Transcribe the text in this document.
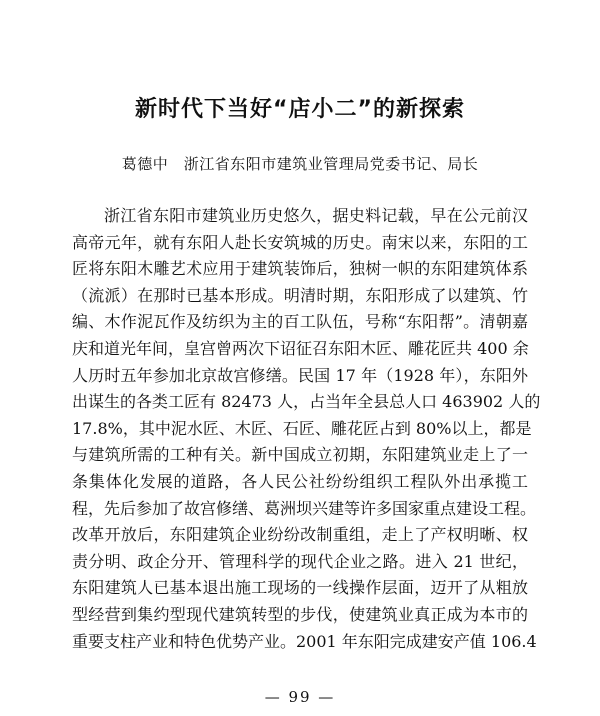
新时代下当好“店小二”的新探索
葛德中　浙江省东阳市建筑业管理局党委书记、局长
浙江省东阳市建筑业历史悠久，据史料记载，早在公元前汉
高帝元年，就有东阳人赴长安筑城的历史。南宋以来，东阳的工
匠将东阳木雕艺术应用于建筑装饰后，独树一帜的东阳建筑体系
（流派）在那时已基本形成。明清时期，东阳形成了以建筑、竹
编、木作泥瓦作及纺织为主的百工队伍，号称“东阳帮”。清朝嘉
庆和道光年间，皇宫曾两次下诏征召东阳木匠、雕花匠共 400 余
人历时五年参加北京故宫修缮。民国 17 年（1928 年），东阳外
出谋生的各类工匠有 82473 人，占当年全县总人口 463902 人的
17.8%，其中泥水匠、木匠、石匠、雕花匠占到 80%以上，都是
与建筑所需的工种有关。新中国成立初期，东阳建筑业走上了一
条集体化发展的道路，各人民公社纷纷组织工程队外出承揽工
程，先后参加了故宫修缮、葛洲坝兴建等许多国家重点建设工程。
改革开放后，东阳建筑企业纷纷改制重组，走上了产权明晰、权
责分明、政企分开、管理科学的现代企业之路。进入 21 世纪，
东阳建筑人已基本退出施工现场的一线操作层面，迈开了从粗放
型经营到集约型现代建筑转型的步伐，使建筑业真正成为本市的
重要支柱产业和特色优势产业。2001 年东阳完成建安产值 106.4
— 99 —
